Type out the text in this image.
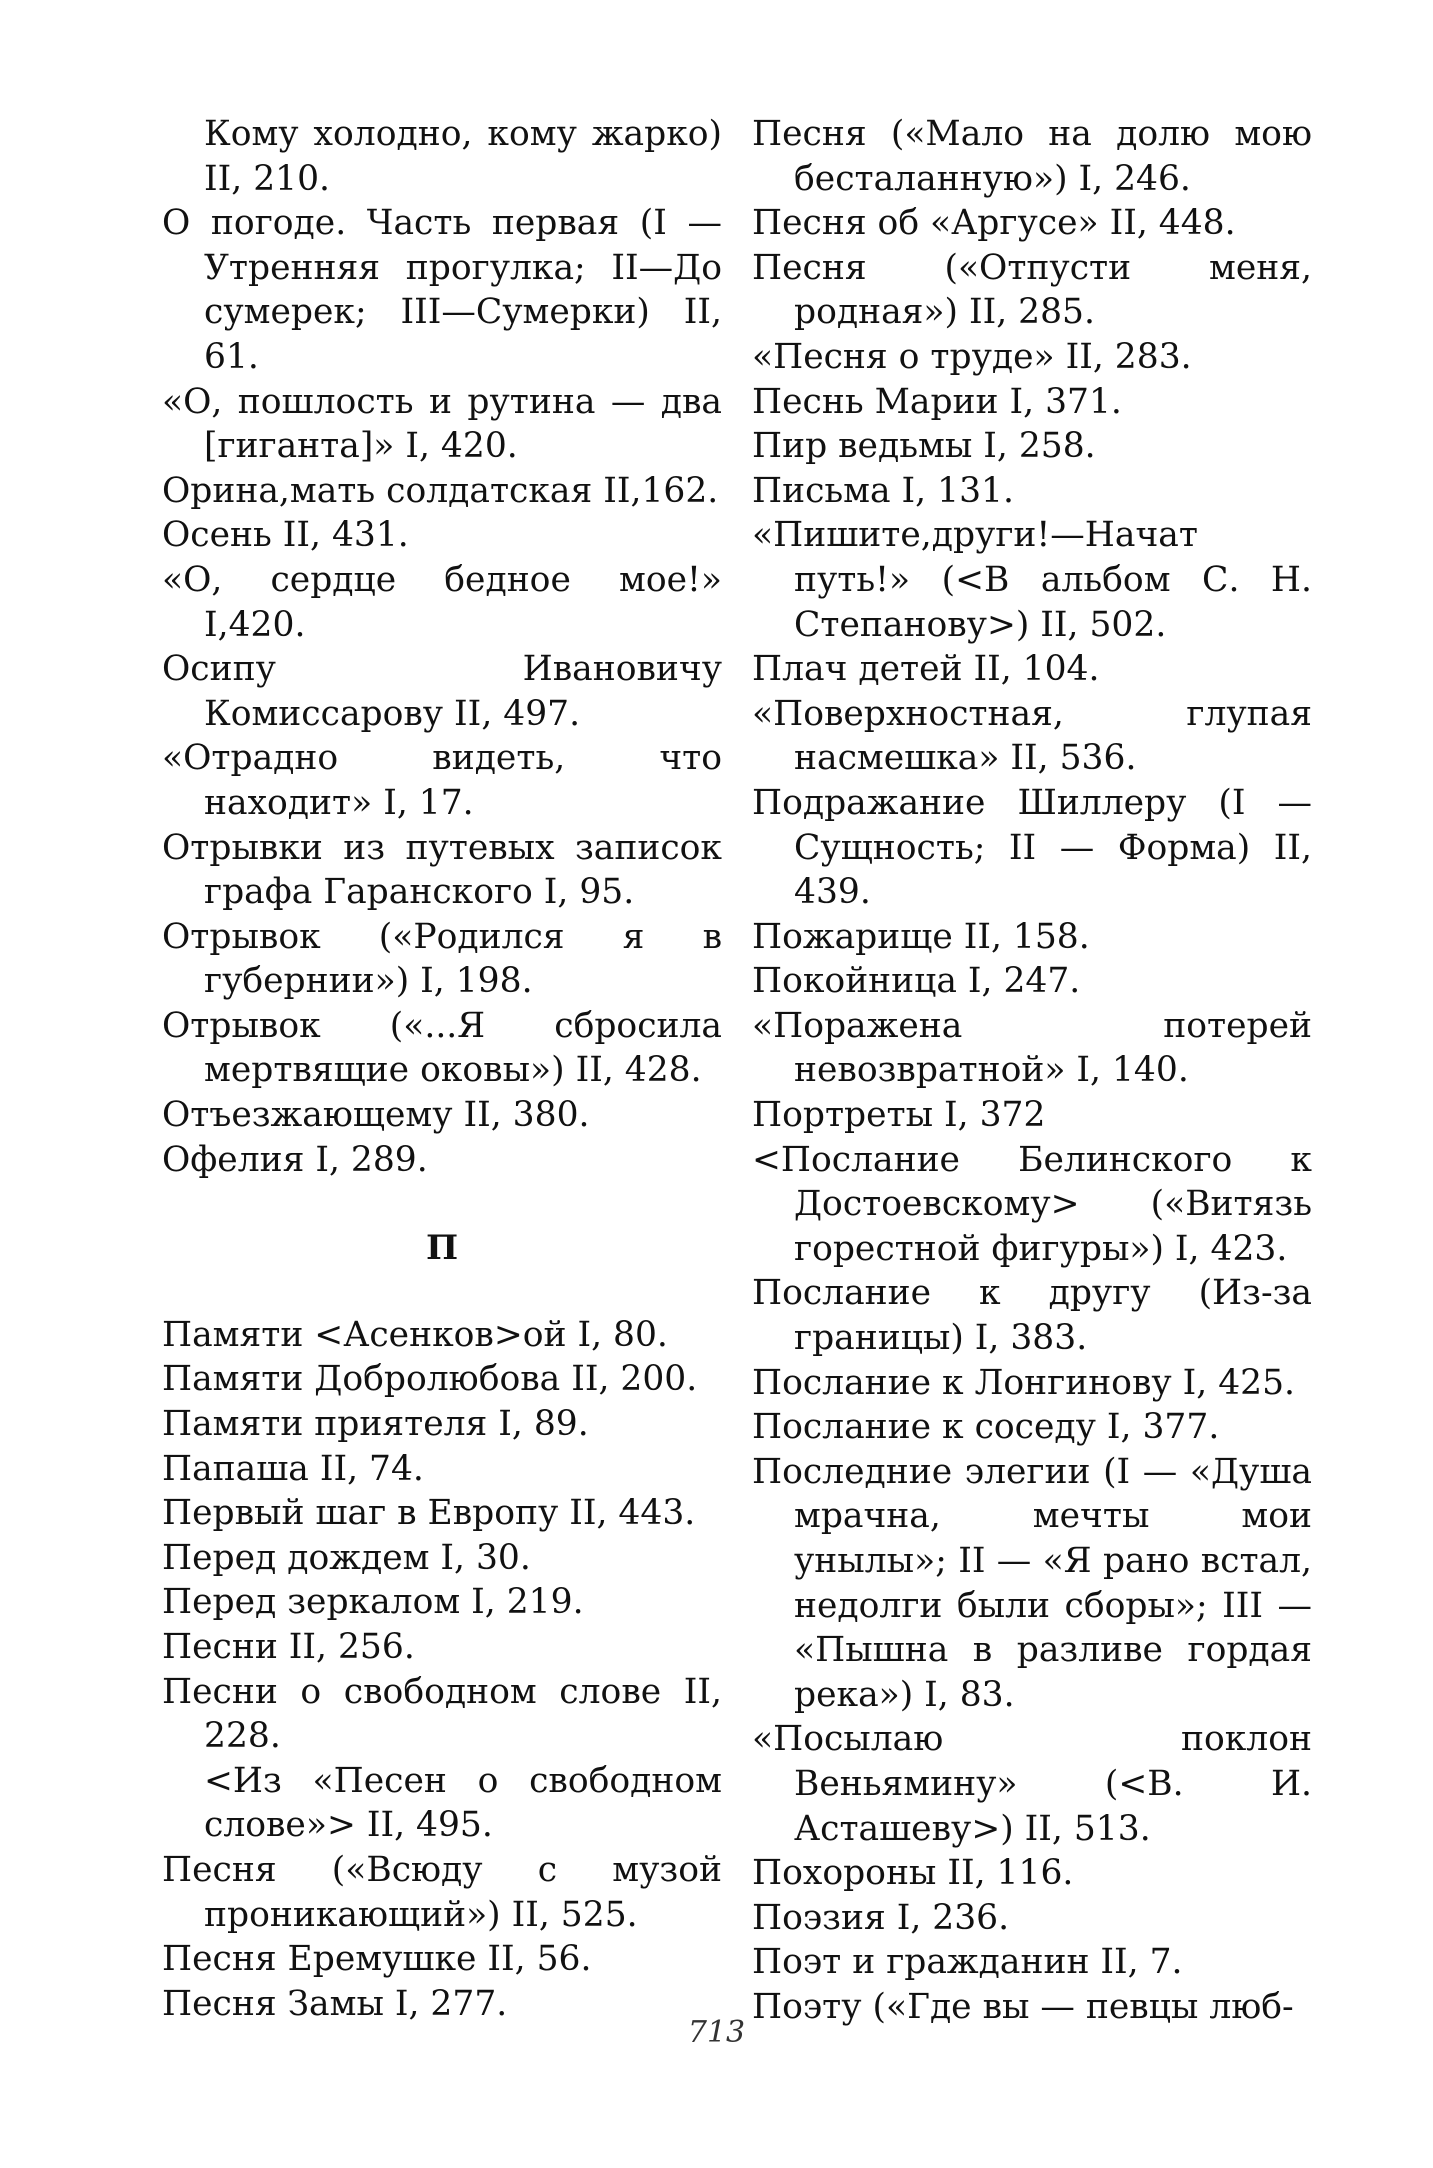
Кому холодно, кому жарко) II, 210.
О погоде. Часть первая (I — Утренняя прогулка; II—До сумерек; III—Сумерки) II, 61.
«О, пошлость и рутина — два [гиганта]» I, 420.
Орина,мать солдатская II,162.
Осень II, 431.
«О, сердце бедное мое!» I,420.
Осипу Ивановичу Комиссарову II, 497.
«Отрадно видеть, что находит» I, 17.
Отрывки из путевых записок графа Гаранского I, 95.
Отрывок («Родился я в губернии») I, 198.
Отрывок («...Я сбросила мертвящие оковы») II, 428.
Отъезжающему II, 380.
Офелия I, 289.
П
Памяти <Асенков>ой I, 80.
Памяти Добролюбова II, 200.
Памяти приятеля I, 89.
Папаша II, 74.
Первый шаг в Европу II, 443.
Перед дождем I, 30.
Перед зеркалом I, 219.
Песни II, 256.
Песни о свободном слове II, 228.
<Из «Песен о свободном слове»> II, 495.
Песня («Всюду с музой проникающий») II, 525.
Песня Еремушке II, 56.
Песня Замы I, 277.
Песня («Мало на долю мою бесталанную») I, 246.
Песня об «Аргусе» II, 448.
Песня («Отпусти меня, родная») II, 285.
«Песня о труде» II, 283.
Песнь Марии I, 371.
Пир ведьмы I, 258.
Письма I, 131.
«Пишите,други!—Начат путь!» (<В альбом С. Н. Степанову>) II, 502.
Плач детей II, 104.
«Поверхностная, глупая насмешка» II, 536.
Подражание Шиллеру (I — Сущность; II — Форма) II, 439.
Пожарище II, 158.
Покойница I, 247.
«Поражена потерей невозвратной» I, 140.
Портреты I, 372
<Послание Белинского к Достоевскому> («Витязь горестной фигуры») I, 423.
Послание к другу (Из-за границы) I, 383.
Послание к Лонгинову I, 425.
Послание к соседу I, 377.
Последние элегии (I — «Душа мрачна, мечты мои унылы»; II — «Я рано встал, недолги были сборы»; III — «Пышна в разливе гордая река») I, 83.
«Посылаю поклон Веньямину» (<В. И. Асташеву>) II, 513.
Похороны II, 116.
Поэзия I, 236.
Поэт и гражданин II, 7.
Поэту («Где вы — певцы люб-
713
